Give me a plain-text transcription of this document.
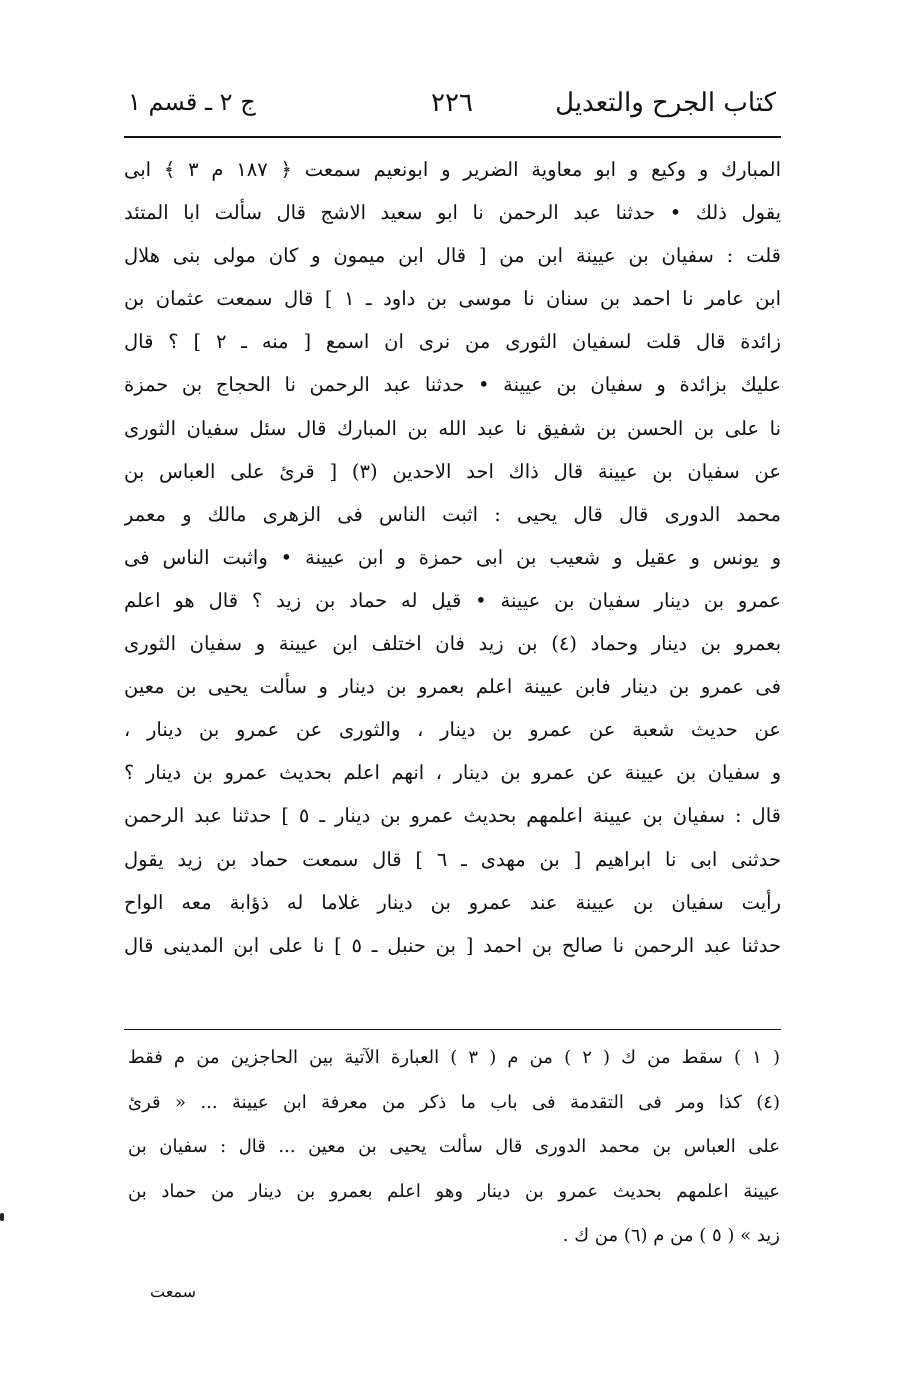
كتاب الجرح والتعديل
٢٢٦
ج ٢ ـ قسم ١
المبارك و وكيع و ابو معاوية الضرير و ابونعيم سمعت ﴿ ١٨٧ م ٣ ﴾ ابى
يقول ذلك • حدثنا عبد الرحمن نا ابو سعيد الاشج قال سألت ابا المتئد
قلت : سفيان بن عيينة ابن من [ قال ابن ميمون و كان مولى بنى هلال
ابن عامر نا احمد بن سنان نا موسى بن داود ـ ١ ] قال سمعت عثمان بن
زائدة قال قلت لسفيان الثورى من نرى ان اسمع [ منه ـ ٢ ] ؟ قال
عليك بزائدة و سفيان بن عيينة • حدثنا عبد الرحمن نا الحجاج بن حمزة
نا على بن الحسن بن شفيق نا عبد الله بن المبارك قال سئل سفيان الثورى
عن سفيان بن عيينة قال ذاك احد الاحدين (٣) [ قرئ على العباس بن
محمد الدورى قال قال يحيى : اثبت الناس فى الزهرى مالك و معمر
و يونس و عقيل و شعيب بن ابى حمزة و ابن عيينة • واثبت الناس فى
عمرو بن دينار سفيان بن عيينة • قيل له حماد بن زيد ؟ قال هو اعلم
بعمرو بن دينار وحماد (٤) بن زيد فان اختلف ابن عيينة و سفيان الثورى
فى عمرو بن دينار فابن عيينة اعلم بعمرو بن دينار و سألت يحيى بن معين
عن حديث شعبة عن عمرو بن دينار ، والثورى عن عمرو بن دينار ،
و سفيان بن عيينة عن عمرو بن دينار ، انهم اعلم بحديث عمرو بن دينار ؟
قال : سفيان بن عيينة اعلمهم بحديث عمرو بن دينار ـ ٥ ] حدثنا عبد الرحمن
حدثنى ابى نا ابراهيم [ بن مهدى ـ ٦ ] قال سمعت حماد بن زيد يقول
رأيت سفيان بن عيينة عند عمرو بن دينار غلاما له ذؤابة معه الواح
حدثنا عبد الرحمن نا صالح بن احمد [ بن حنبل ـ ٥ ] نا على ابن المدينى قال
( ١ ) سقط من ك ( ٢ ) من م ( ٣ ) العبارة الآتية بين الحاجزين من م فقط
(٤) كذا ومر فى التقدمة فى باب ما ذكر من معرفة ابن عيينة ... « قرئ
على العباس بن محمد الدورى قال سألت يحيى بن معين ... قال : سفيان بن
عيينة اعلمهم بحديث عمرو بن دينار وهو اعلم بعمرو بن دينار من حماد بن
زيد » ( ٥ ) من م (٦) من ك .
سمعت
